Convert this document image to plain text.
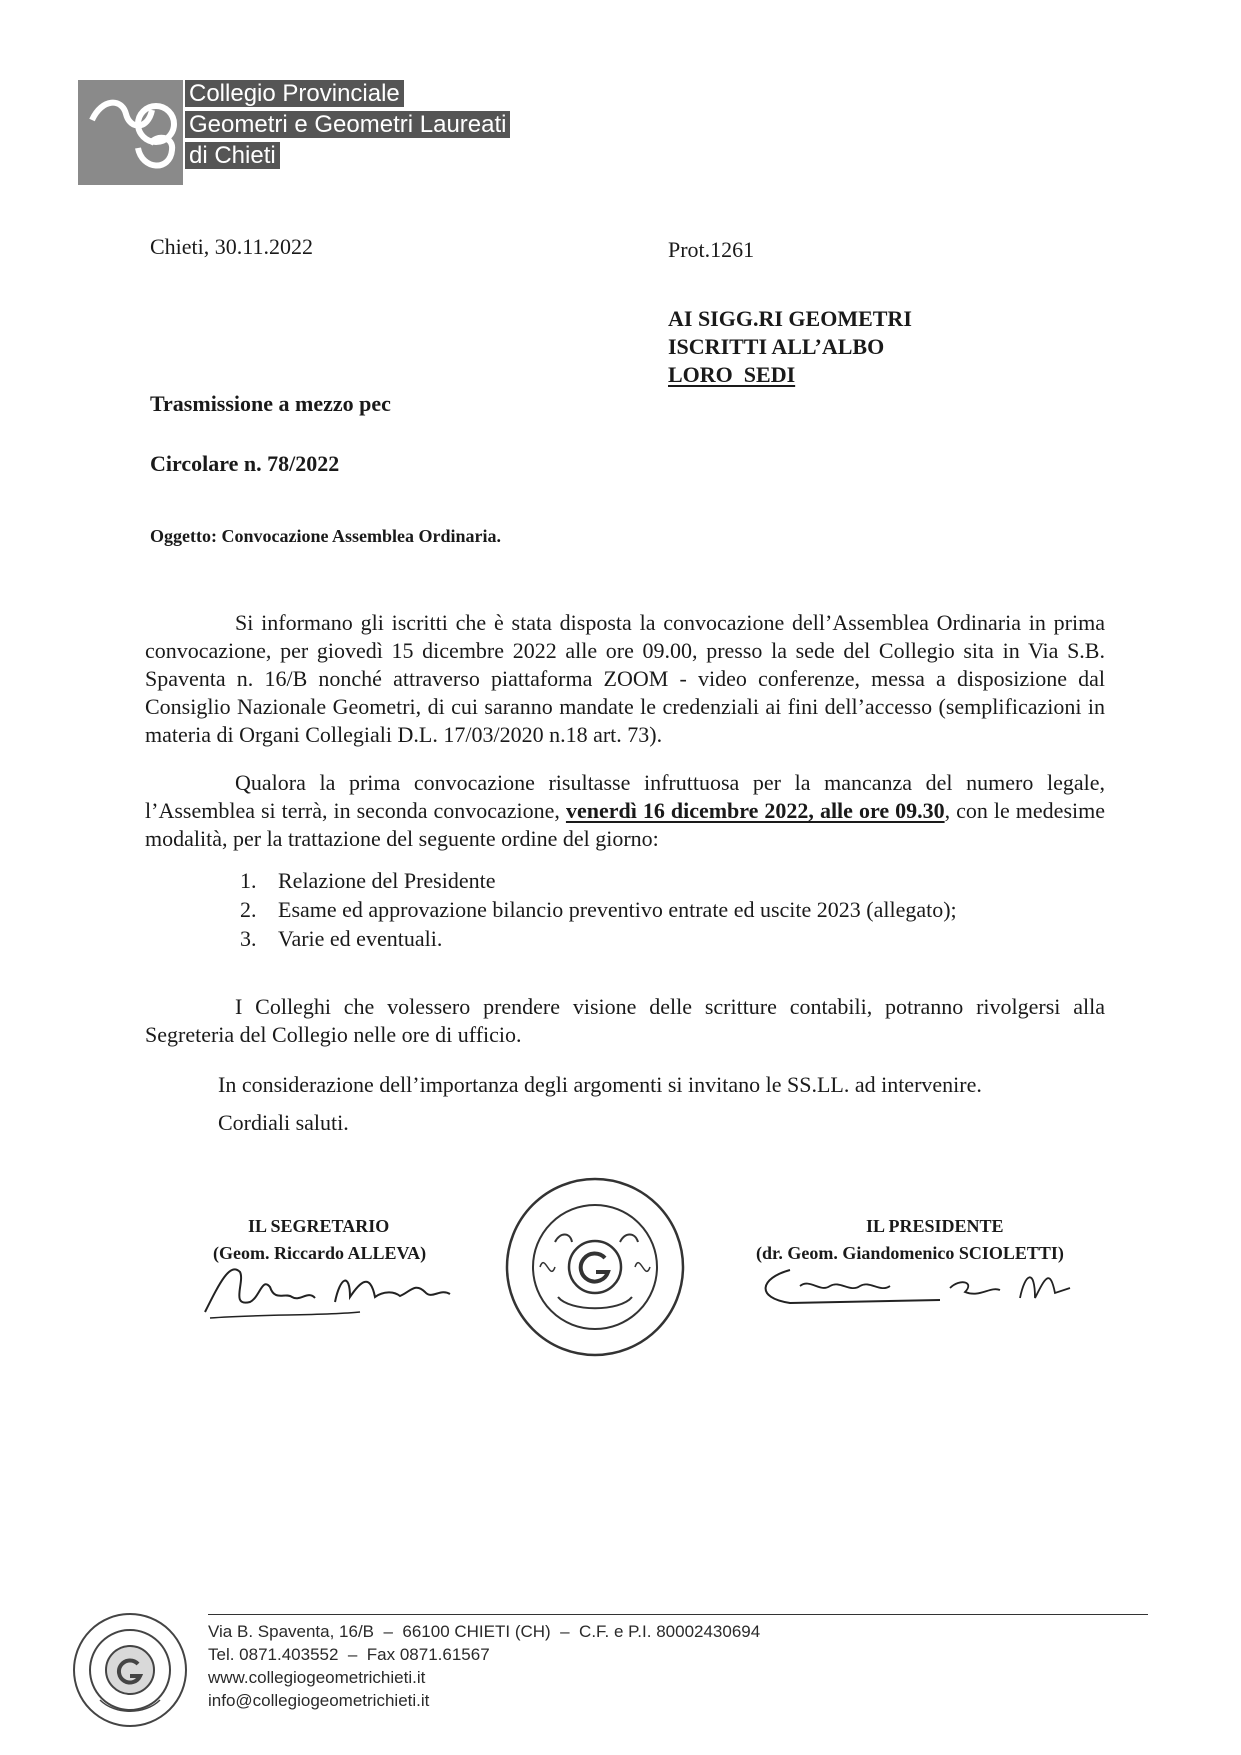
Collegio Provinciale
Geometri e Geometri Laureati
di Chieti
Chieti, 30.11.2022	Prot.1261
AI SIGG.RI GEOMETRI
ISCRITTI ALL’ALBO
LORO  SEDI
Trasmissione a mezzo pec
Circolare n. 78/2022
Oggetto: Convocazione Assemblea Ordinaria.
Si informano gli iscritti che è stata disposta la convocazione dell’Assemblea Ordinaria in prima convocazione, per giovedì 15 dicembre 2022 alle ore 09.00, presso la sede del Collegio sita in Via S.B. Spaventa n. 16/B nonché attraverso piattaforma ZOOM - video conferenze, messa a disposizione dal Consiglio Nazionale Geometri, di cui saranno mandate le credenziali ai fini dell’accesso (semplificazioni in materia di Organi Collegiali D.L. 17/03/2020 n.18 art. 73).
Qualora la prima convocazione risultasse infruttuosa per la mancanza del numero legale, l’Assemblea si terrà, in seconda convocazione, venerdì 16 dicembre 2022, alle ore 09.30, con le medesime modalità, per la trattazione del seguente ordine del giorno:
1. Relazione del Presidente
2. Esame ed approvazione bilancio preventivo entrate ed uscite 2023 (allegato);
3. Varie ed eventuali.
I Colleghi che volessero prendere visione delle scritture contabili, potranno rivolgersi alla Segreteria del Collegio nelle ore di ufficio.
In considerazione dell’importanza degli argomenti si invitano le SS.LL. ad intervenire.
Cordiali saluti.
IL SEGRETARIO
(Geom. Riccardo ALLEVA)
IL PRESIDENTE
(dr. Geom. Giandomenico SCIOLETTI)
Via B. Spaventa, 16/B  –  66100 CHIETI (CH)  –  C.F. e P.I. 80002430694
Tel. 0871.403552  –  Fax 0871.61567
www.collegiogeometrichieti.it
info@collegiogeometrichieti.it
